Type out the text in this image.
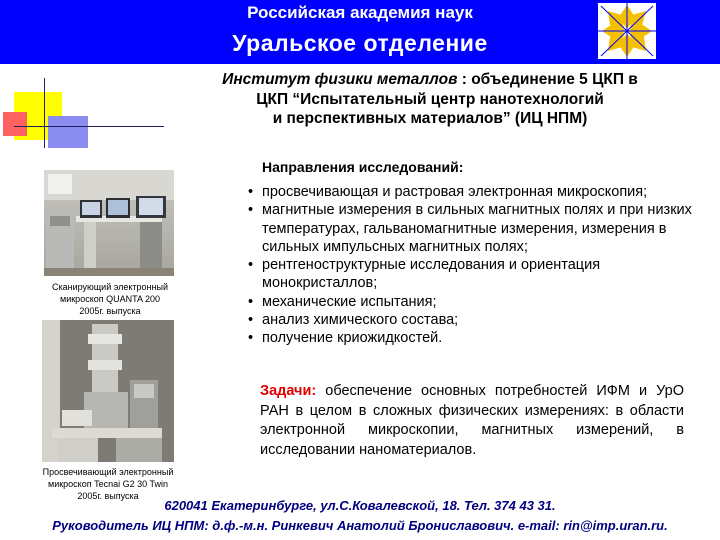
Российская академия наук
Уральское отделение
Институт физики металлов : объединение 5 ЦКП в
ЦКП “Испытательный центр нанотехнологий
и перспективных материалов” (ИЦ НПМ)
Направления исследований:
Сканирующий электронный
микроскоп QUANTA 200
2005г. выпуска
Просвечивающий электронный
микроскоп Tecnai G2 30 Twin
2005г. выпуска
• просвечивающая и растровая электронная микроскопия;
• магнитные измерения в сильных магнитных полях и при низких температурах, гальваномагнитные измерения, измерения в сильных импульсных магнитных полях;
• рентгеноструктурные исследования и ориентация монокристаллов;
• механические испытания;
• анализ химического состава;
• получение криожидкостей.
Задачи: обеспечение основных потребностей ИФМ и УрО РАН в целом в сложных физических измерениях: в области электронной микроскопии, магнитных измерений, в исследовании наноматериалов.
620041 Екатеринбурге, ул.С.Ковалевской, 18. Тел. 374 43 31.
Руководитель ИЦ НПМ: д.ф.-м.н. Ринкевич Анатолий Брониславович. e-mail: rin@imp.uran.ru.
